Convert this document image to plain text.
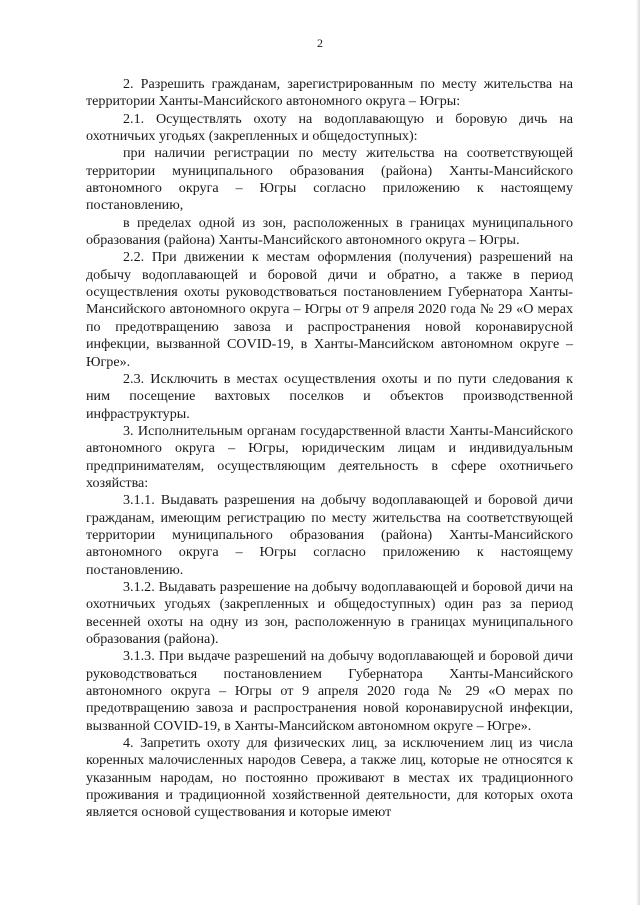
2

2. Разрешить гражданам, зарегистрированным по месту жительства на территории Ханты-Мансийского автономного округа – Югры:

2.1. Осуществлять охоту на водоплавающую и боровую дичь на охотничьих угодьях (закрепленных и общедоступных):

при наличии регистрации по месту жительства на соответствующей территории муниципального образования (района) Ханты-Мансийского автономного округа – Югры согласно приложению к настоящему постановлению,

в пределах одной из зон, расположенных в границах муниципального образования (района) Ханты-Мансийского автономного округа – Югры.

2.2. При движении к местам оформления (получения) разрешений на добычу водоплавающей и боровой дичи и обратно, а также в период осуществления охоты руководствоваться постановлением Губернатора Ханты-Мансийского автономного округа – Югры от 9 апреля 2020 года № 29 «О мерах по предотвращению завоза и распространения новой коронавирусной инфекции, вызванной COVID-19, в Ханты-Мансийском автономном округе – Югре».

2.3. Исключить в местах осуществления охоты и по пути следования к ним посещение вахтовых поселков и объектов производственной инфраструктуры.

3. Исполнительным органам государственной власти Ханты-Мансийского автономного округа – Югры, юридическим лицам и индивидуальным предпринимателям, осуществляющим деятельность в сфере охотничьего хозяйства:

3.1.1. Выдавать разрешения на добычу водоплавающей и боровой дичи гражданам, имеющим регистрацию по месту жительства на соответствующей территории муниципального образования (района) Ханты-Мансийского автономного округа – Югры согласно приложению к настоящему постановлению.

3.1.2. Выдавать разрешение на добычу водоплавающей и боровой дичи на охотничьих угодьях (закрепленных и общедоступных) один раз за период весенней охоты на одну из зон, расположенную в границах муниципального образования (района).

3.1.3. При выдаче разрешений на добычу водоплавающей и боровой дичи руководствоваться постановлением Губернатора Ханты-Мансийского автономного округа – Югры от 9 апреля 2020 года № 29 «О мерах по предотвращению завоза и распространения новой коронавирусной инфекции, вызванной COVID-19, в Ханты-Мансийском автономном округе – Югре».

4. Запретить охоту для физических лиц, за исключением лиц из числа коренных малочисленных народов Севера, а также лиц, которые не относятся к указанным народам, но постоянно проживают в местах их традиционного проживания и традиционной хозяйственной деятельности, для которых охота является основой существования и которые имеют
